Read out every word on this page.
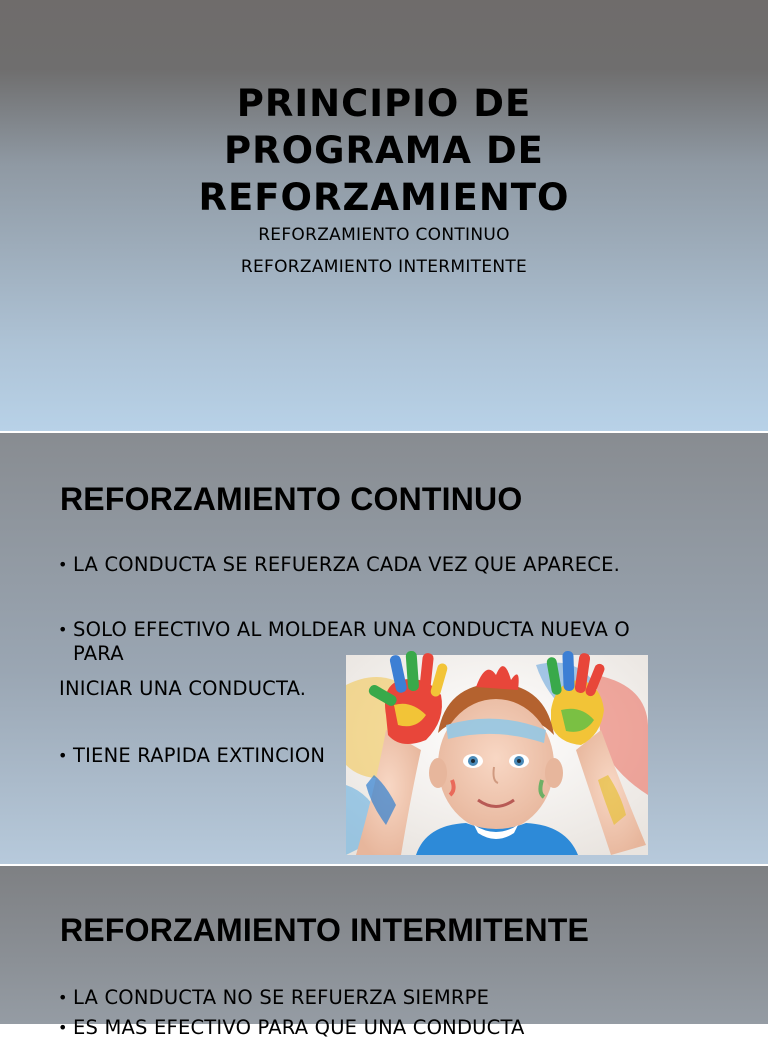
PRINCIPIO DE
PROGRAMA DE
REFORZAMIENTO
REFORZAMIENTO CONTINUO
REFORZAMIENTO INTERMITENTE
REFORZAMIENTO CONTINUO
• LA CONDUCTA SE REFUERZA CADA VEZ QUE APARECE.
• SOLO EFECTIVO AL MOLDEAR UNA CONDUCTA NUEVA O
PARA
INICIAR UNA CONDUCTA.
• TIENE RAPIDA EXTINCION
REFORZAMIENTO INTERMITENTE
• LA CONDUCTA NO SE REFUERZA SIEMRPE
• ES MAS EFECTIVO PARA QUE UNA CONDUCTA
